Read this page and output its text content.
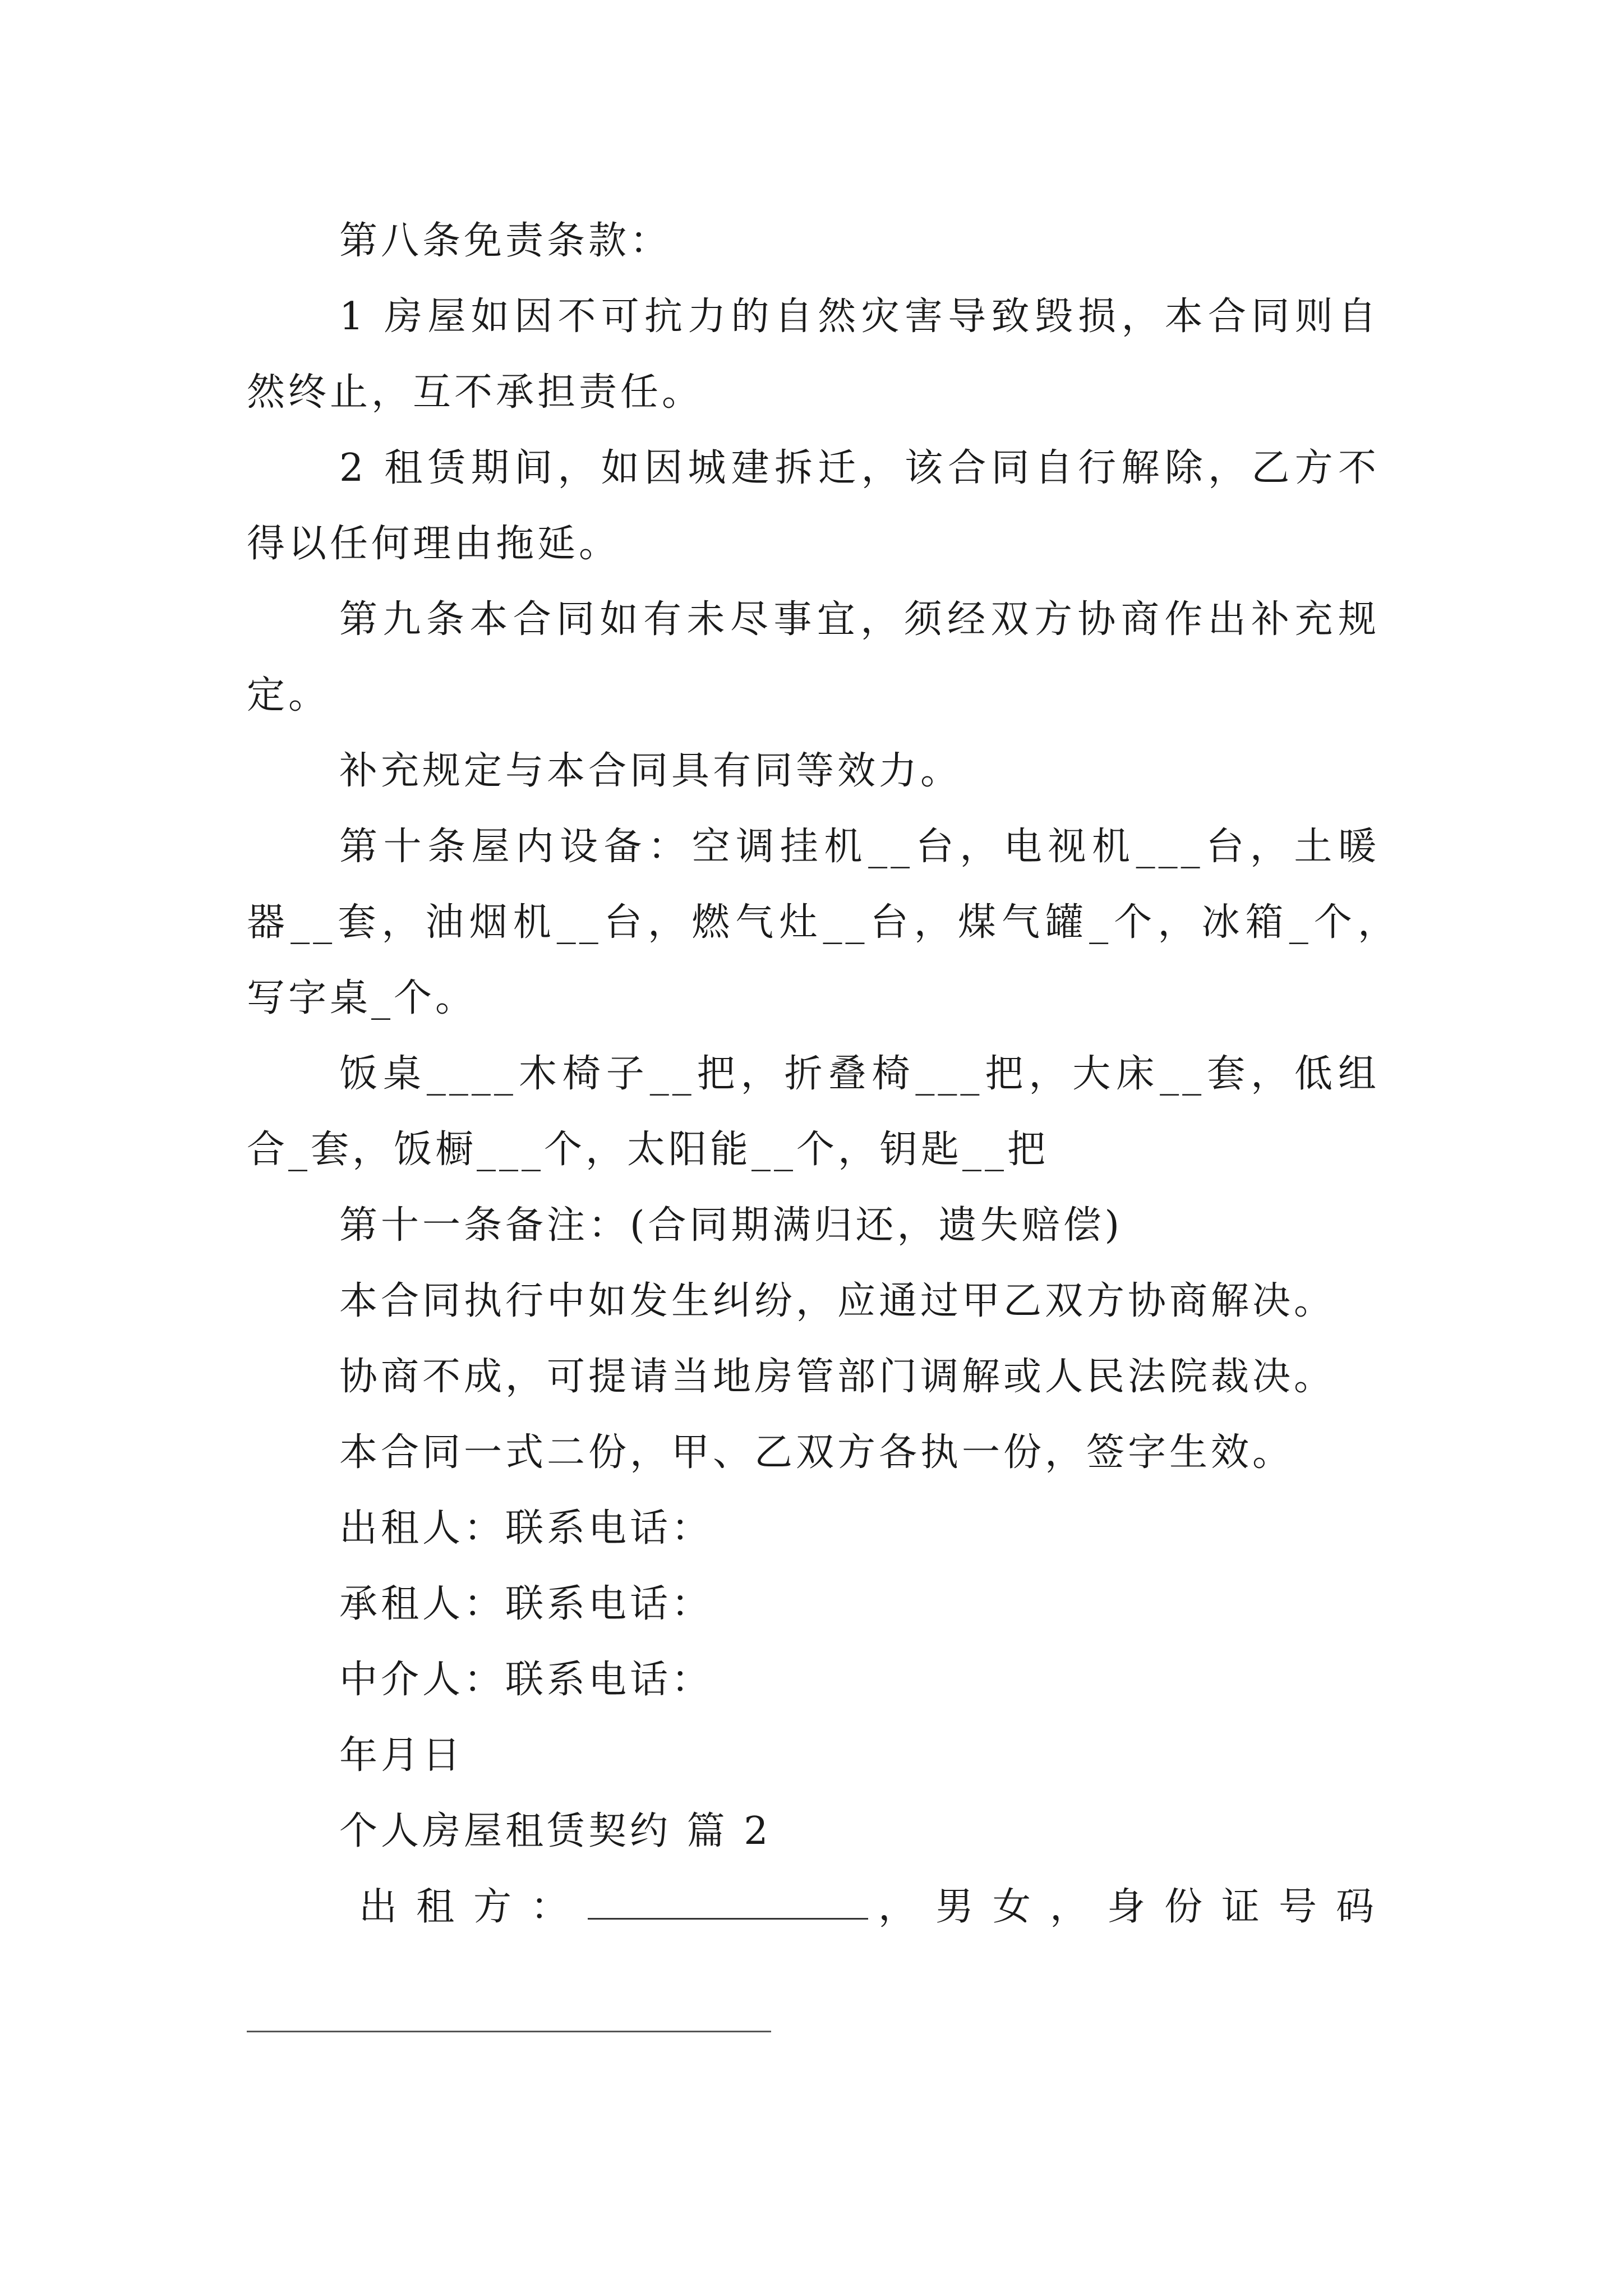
第八条免责条款：
1 房屋如因不可抗力的自然灾害导致毁损，本合同则自
然终止，互不承担责任。
2 租赁期间，如因城建拆迁，该合同自行解除，乙方不
得以任何理由拖延。
第九条本合同如有未尽事宜，须经双方协商作出补充规
定。
补充规定与本合同具有同等效力。
第十条屋内设备：空调挂机__台，电视机___台，土暖
器__套，油烟机__台，燃气灶__台，煤气罐_个，冰箱_个，
写字桌_个。
饭桌____木椅子__把，折叠椅___把，大床__套，低组
合_套，饭橱___个，太阳能__个，钥匙__把
第十一条备注：(合同期满归还，遗失赔偿)
本合同执行中如发生纠纷，应通过甲乙双方协商解决。
协商不成，可提请当地房管部门调解或人民法院裁决。
本合同一式二份，甲、乙双方各执一份，签字生效。
出租人：联系电话：
承租人：联系电话：
中介人：联系电话：
年月日
个人房屋租赁契约 篇 2
出租方：	，男女，身份证号码
